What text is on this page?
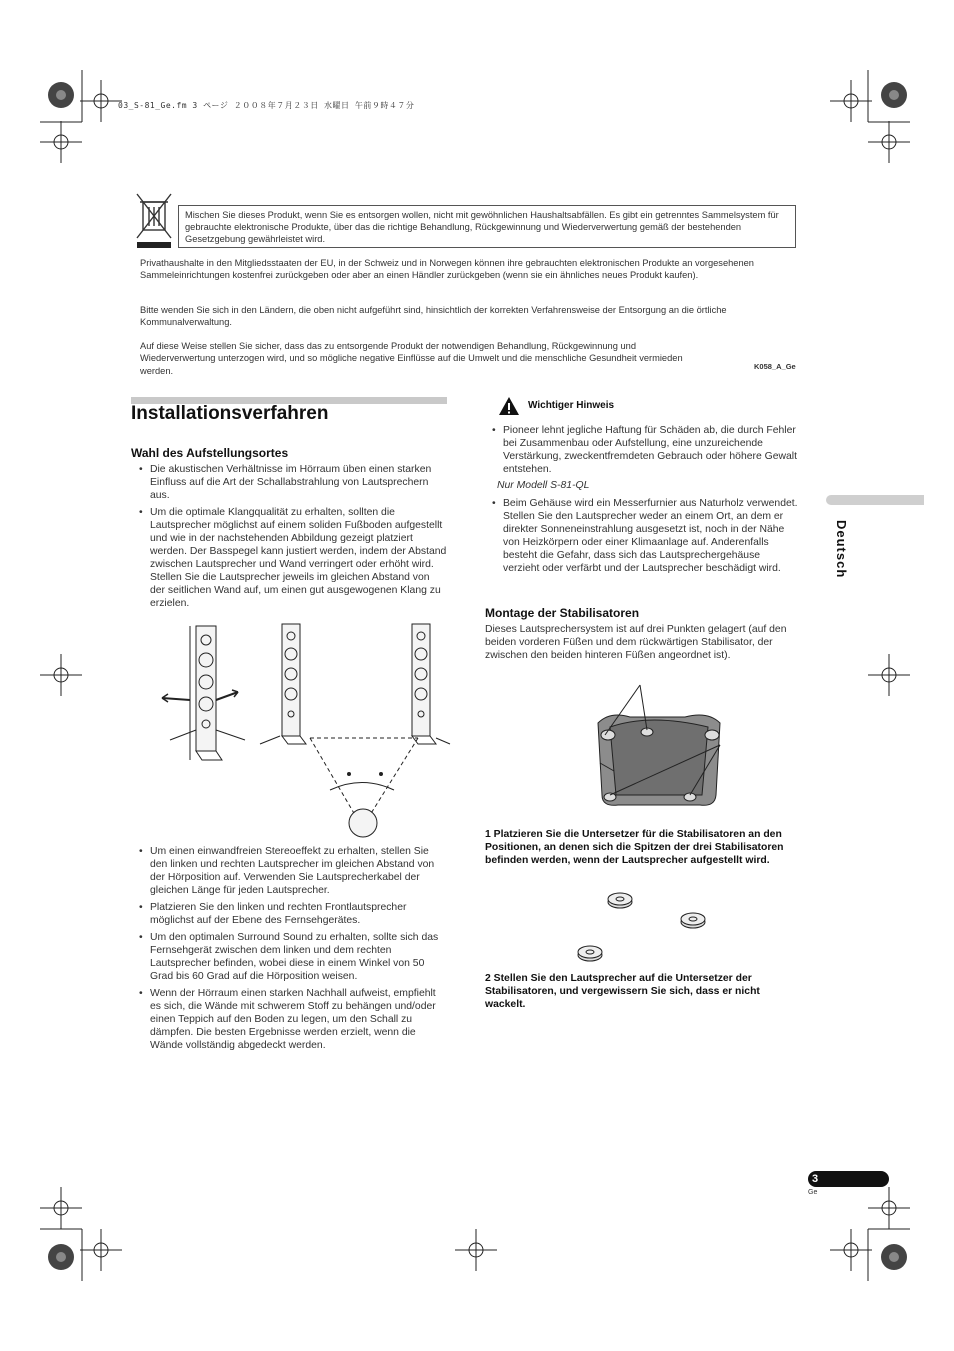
03_S-81_Ge.fm 3 ページ ２００８年７月２３日 水曜日 午前９時４７分
Mischen Sie dieses Produkt, wenn Sie es entsorgen wollen, nicht mit gewöhnlichen Haushaltsabfällen. Es gibt ein getrenntes Sammelsystem für gebrauchte elektronische Produkte, über das die richtige Behandlung, Rückgewinnung und Wiederverwertung gemäß der bestehenden Gesetzgebung gewährleistet wird.
Privathaushalte in den Mitgliedsstaaten der EU, in der Schweiz und in Norwegen können ihre gebrauchten elektronischen Produkte an vorgesehenen Sammeleinrichtungen kostenfrei zurückgeben oder aber an einen Händler zurückgeben (wenn sie ein ähnliches neues Produkt kaufen).
Bitte wenden Sie sich in den Ländern, die oben nicht aufgeführt sind, hinsichtlich der korrekten Verfahrensweise der Entsorgung an die örtliche Kommunalverwaltung.
Auf diese Weise stellen Sie sicher, dass das zu entsorgende Produkt der notwendigen Behandlung, Rückgewinnung und Wiederverwertung unterzogen wird, und so mögliche negative Einflüsse auf die Umwelt und die menschliche Gesundheit vermieden werden.	K058_A_Ge
Installationsverfahren
Wahl des Aufstellungsortes
• Die akustischen Verhältnisse im Hörraum üben einen starken Einfluss auf die Art der Schallabstrahlung von Lautsprechern aus.
• Um die optimale Klangqualität zu erhalten, sollten die Lautsprecher möglichst auf einem soliden Fußboden aufgestellt und wie in der nachstehenden Abbildung gezeigt platziert werden. Der Basspegel kann justiert werden, indem der Abstand zwischen Lautsprecher und Wand verringert oder erhöht wird. Stellen Sie die Lautsprecher jeweils im gleichen Abstand von der seitlichen Wand auf, um einen gut ausgewogenen Klang zu erzielen.
• Um einen einwandfreien Stereoeffekt zu erhalten, stellen Sie den linken und rechten Lautsprecher im gleichen Abstand von der Hörposition auf. Verwenden Sie Lautsprecherkabel der gleichen Länge für jeden Lautsprecher.
• Platzieren Sie den linken und rechten Frontlautsprecher möglichst auf der Ebene des Fernsehgerätes.
• Um den optimalen Surround Sound zu erhalten, sollte sich das Fernsehgerät zwischen dem linken und dem rechten Lautsprecher befinden, wobei diese in einem Winkel von 50 Grad bis 60 Grad auf die Hörposition weisen.
• Wenn der Hörraum einen starken Nachhall aufweist, empfiehlt es sich, die Wände mit schwerem Stoff zu behängen und/oder einen Teppich auf den Boden zu legen, um den Schall zu dämpfen. Die besten Ergebnisse werden erzielt, wenn die Wände vollständig abgedeckt werden.
Wichtiger Hinweis
• Pioneer lehnt jegliche Haftung für Schäden ab, die durch Fehler bei Zusammenbau oder Aufstellung, eine unzureichende Verstärkung, zweckentfremdeten Gebrauch oder höhere Gewalt entstehen.
Nur Modell S-81-QL
• Beim Gehäuse wird ein Messerfurnier aus Naturholz verwendet. Stellen Sie den Lautsprecher weder an einem Ort, an dem er direkter Sonneneinstrahlung ausgesetzt ist, noch in der Nähe von Heizkörpern oder einer Klimaanlage auf. Anderenfalls besteht die Gefahr, dass sich das Lautsprechergehäuse verzieht oder verfärbt und der Lautsprecher beschädigt wird.
Montage der Stabilisatoren
Dieses Lautsprechersystem ist auf drei Punkten gelagert (auf den beiden vorderen Füßen und dem rückwärtigen Stabilisator, der zwischen den beiden hinteren Füßen angeordnet ist).
1 Platzieren Sie die Untersetzer für die Stabilisatoren an den Positionen, an denen sich die Spitzen der drei Stabilisatoren befinden werden, wenn der Lautsprecher aufgestellt wird.
2 Stellen Sie den Lautsprecher auf die Untersetzer der Stabilisatoren, und vergewissern Sie sich, dass er nicht wackelt.
Deutsch
3
Ge
